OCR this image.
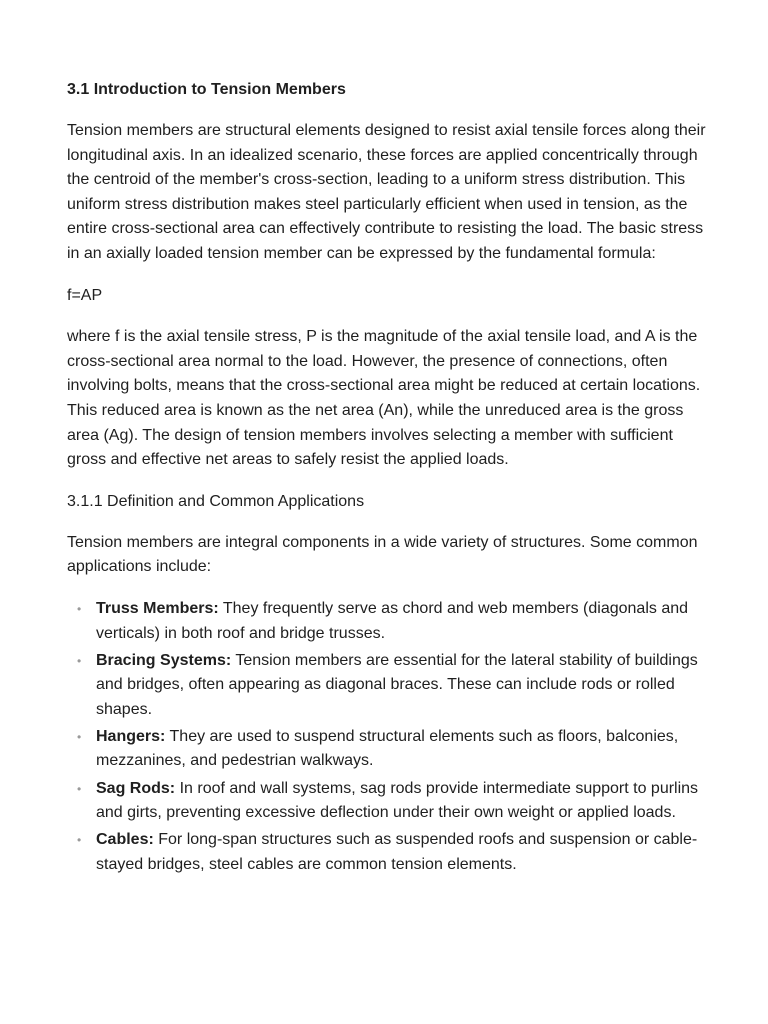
3.1 Introduction to Tension Members

Tension members are structural elements designed to resist axial tensile forces along their longitudinal axis. In an idealized scenario, these forces are applied concentrically through the centroid of the member's cross-section, leading to a uniform stress distribution. This uniform stress distribution makes steel particularly efficient when used in tension, as the entire cross-sectional area can effectively contribute to resisting the load. The basic stress in an axially loaded tension member can be expressed by the fundamental formula:

f=AP

where f is the axial tensile stress, P is the magnitude of the axial tensile load, and A is the cross-sectional area normal to the load. However, the presence of connections, often involving bolts, means that the cross-sectional area might be reduced at certain locations. This reduced area is known as the net area (An), while the unreduced area is the gross area (Ag). The design of tension members involves selecting a member with sufficient gross and effective net areas to safely resist the applied loads.

3.1.1 Definition and Common Applications

Tension members are integral components in a wide variety of structures. Some common applications include:

• Truss Members: They frequently serve as chord and web members (diagonals and verticals) in both roof and bridge trusses.
• Bracing Systems: Tension members are essential for the lateral stability of buildings and bridges, often appearing as diagonal braces. These can include rods or rolled shapes.
• Hangers: They are used to suspend structural elements such as floors, balconies, mezzanines, and pedestrian walkways.
• Sag Rods: In roof and wall systems, sag rods provide intermediate support to purlins and girts, preventing excessive deflection under their own weight or applied loads.
• Cables: For long-span structures such as suspended roofs and suspension or cable-stayed bridges, steel cables are common tension elements.
